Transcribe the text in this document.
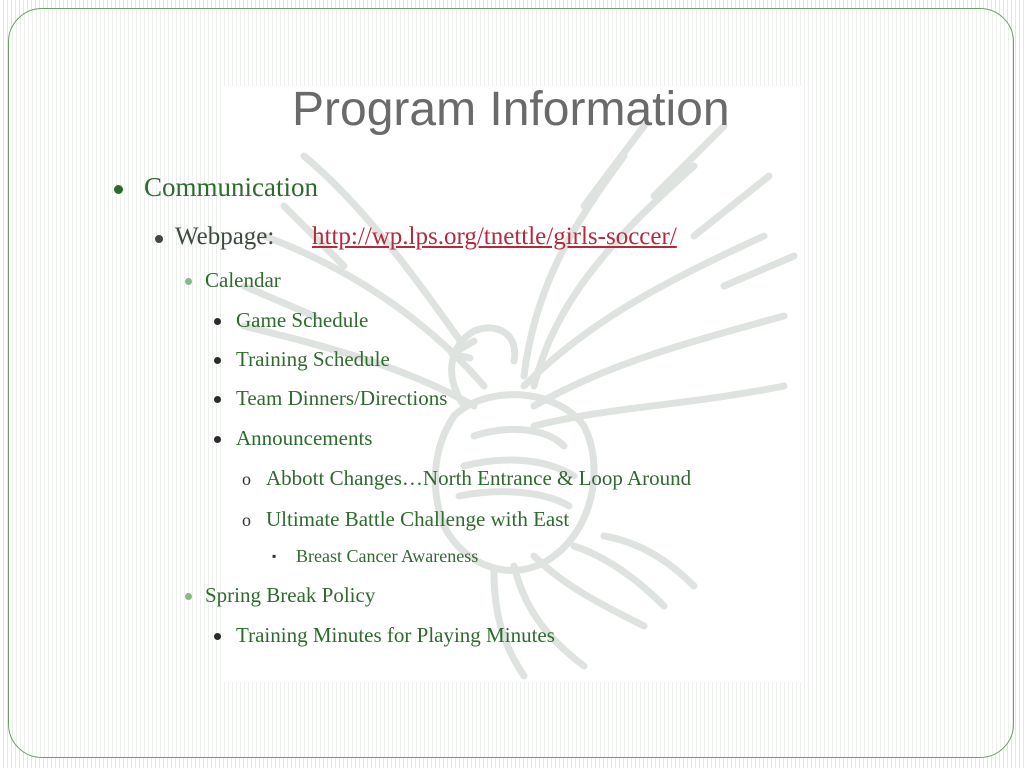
Program Information
Communication
Webpage: http://wp.lps.org/tnettle/girls-soccer/
Calendar
Game Schedule
Training Schedule
Team Dinners/Directions
Announcements
o Abbott Changes…North Entrance & Loop Around
o Ultimate Battle Challenge with East
▪ Breast Cancer Awareness
Spring Break Policy
Training Minutes for Playing Minutes
